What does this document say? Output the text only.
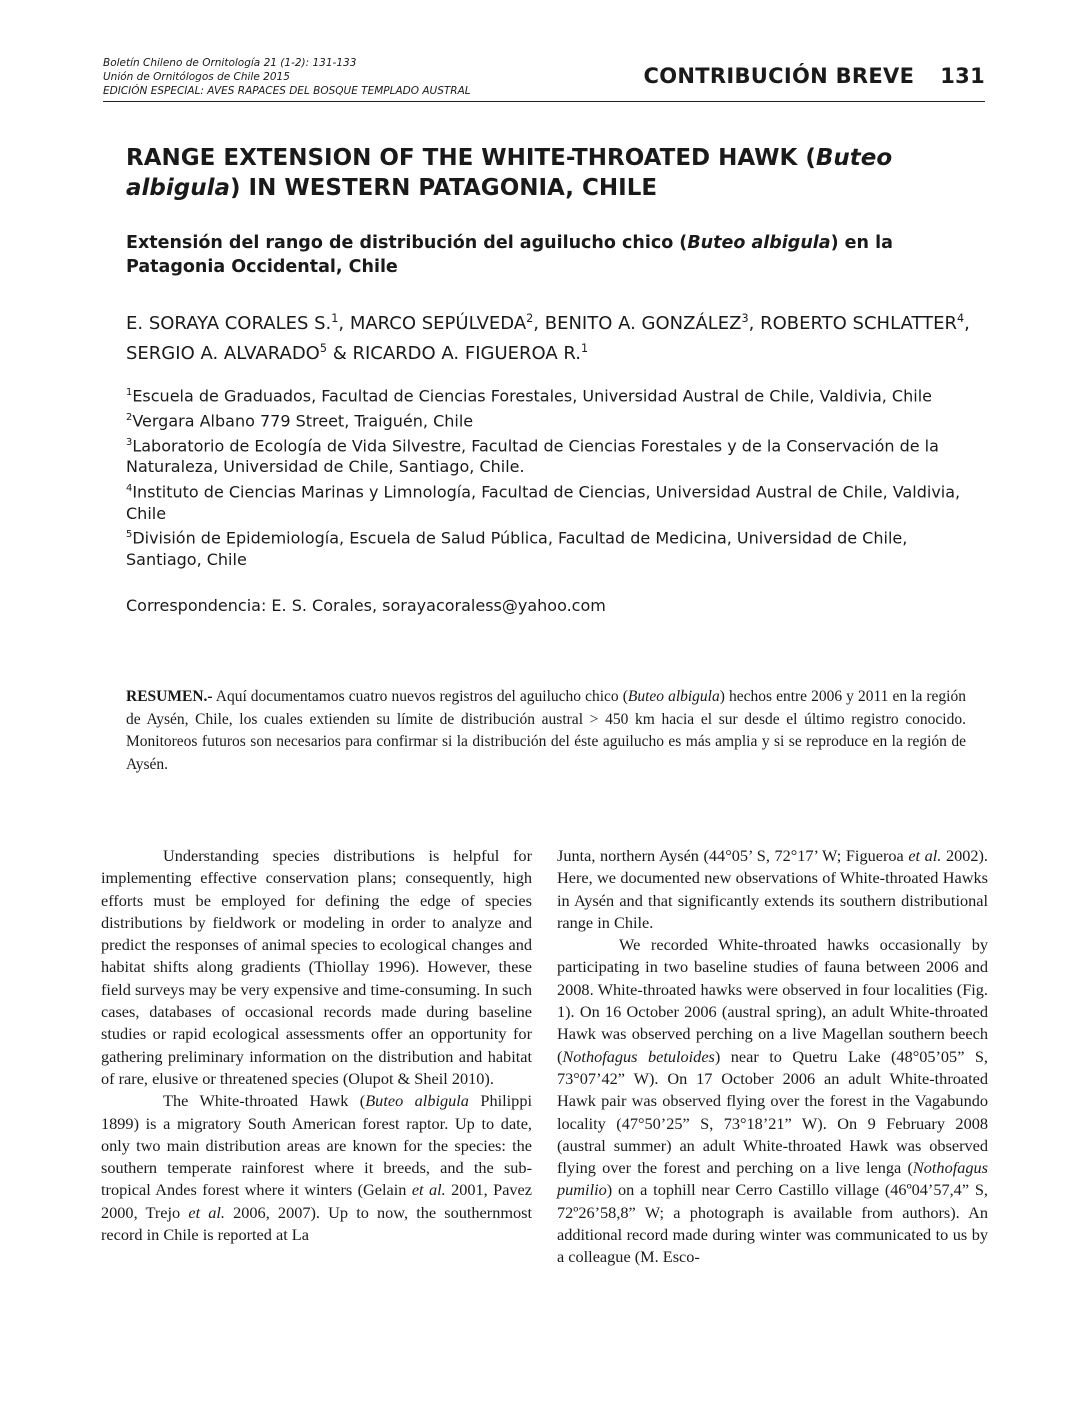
Boletín Chileno de Ornitología 21 (1-2): 131-133
Unión de Ornitólogos de Chile 2015
EDICIÓN ESPECIAL: AVES RAPACES DEL BOSQUE TEMPLADO AUSTRAL
CONTRIBUCIÓN BREVE 131
RANGE EXTENSION OF THE WHITE-THROATED HAWK (Buteo albigula) IN WESTERN PATAGONIA, CHILE
Extensión del rango de distribución del aguilucho chico (Buteo albigula) en la Patagonia Occidental, Chile
E. SORAYA CORALES S.$^1$, MARCO SEPÚLVEDA$^2$, BENITO A. GONZÁLEZ$^3$, ROBERTO SCHLATTER$^4$, SERGIO A. ALVARADO$^5$ & RICARDO A. FIGUEROA R.$^1$

$^1$Escuela de Graduados, Facultad de Ciencias Forestales, Universidad Austral de Chile, Valdivia, Chile

$^2$Vergara Albano 779 Street, Traiguén, Chile

$^3$Laboratorio de Ecología de Vida Silvestre, Facultad de Ciencias Forestales y de la Conservación de la Naturaleza, Universidad de Chile, Santiago, Chile.

$^4$Instituto de Ciencias Marinas y Limnología, Facultad de Ciencias, Universidad Austral de Chile, Valdivia, Chile

$^5$División de Epidemiología, Escuela de Salud Pública, Facultad de Medicina, Universidad de Chile, Santiago, Chile

Correspondencia: E. S. Corales, sorayacoraless@yahoo.com
RESUMEN.- Aquí documentamos cuatro nuevos registros del aguilucho chico (Buteo albigula) hechos entre 2006 y 2011 en la región de Aysén, Chile, los cuales extienden su límite de distribución austral > 450 km hacia el sur desde el último registro conocido. Monitoreos futuros son necesarios para confirmar si la distribución del éste aguilucho es más amplia y si se reproduce en la región de Aysén.

Understanding species distributions is helpful for implementing effective conservation plans; consequently, high efforts must be employed for defining the edge of species distributions by fieldwork or modeling in order to analyze and predict the responses of animal species to ecological changes and habitat shifts along gradients (Thiollay 1996). However, these field surveys may be very expensive and time-consuming. In such cases, databases of occasional records made during baseline studies or rapid ecological assessments offer an opportunity for gathering preliminary information on the distribution and habitat of rare, elusive or threatened species (Olupot & Sheil 2010).

The White-throated Hawk (Buteo albigula Philippi 1899) is a migratory South American forest raptor. Up to date, only two main distribution areas are known for the species: the southern temperate rainforest where it breeds, and the sub-tropical Andes forest where it winters (Gelain et al. 2001, Pavez 2000, Trejo et al. 2006, 2007). Up to now, the southernmost record in Chile is reported at La

Junta, northern Aysén (44°05’ S, 72°17’ W; Figueroa et al. 2002). Here, we documented new observations of White-throated Hawks in Aysén and that significantly extends its southern distributional range in Chile.

We recorded White-throated hawks occasionally by participating in two baseline studies of fauna between 2006 and 2008. White-throated hawks were observed in four localities (Fig. 1). On 16 October 2006 (austral spring), an adult White-throated Hawk was observed perching on a live Magellan southern beech (Nothofagus betuloides) near to Quetru Lake (48°05’05” S, 73°07’42” W). On 17 October 2006 an adult White-throated Hawk pair was observed flying over the forest in the Vagabundo locality (47°50’25” S, 73°18’21” W). On 9 February 2008 (austral summer) an adult White-throated Hawk was observed flying over the forest and perching on a live lenga (Nothofagus pumilio) on a tophill near Cerro Castillo village (46º04’57,4” S, 72º26’58,8” W; a photograph is available from authors). An additional record made during winter was communicated to us by a colleague (M. Esco-
